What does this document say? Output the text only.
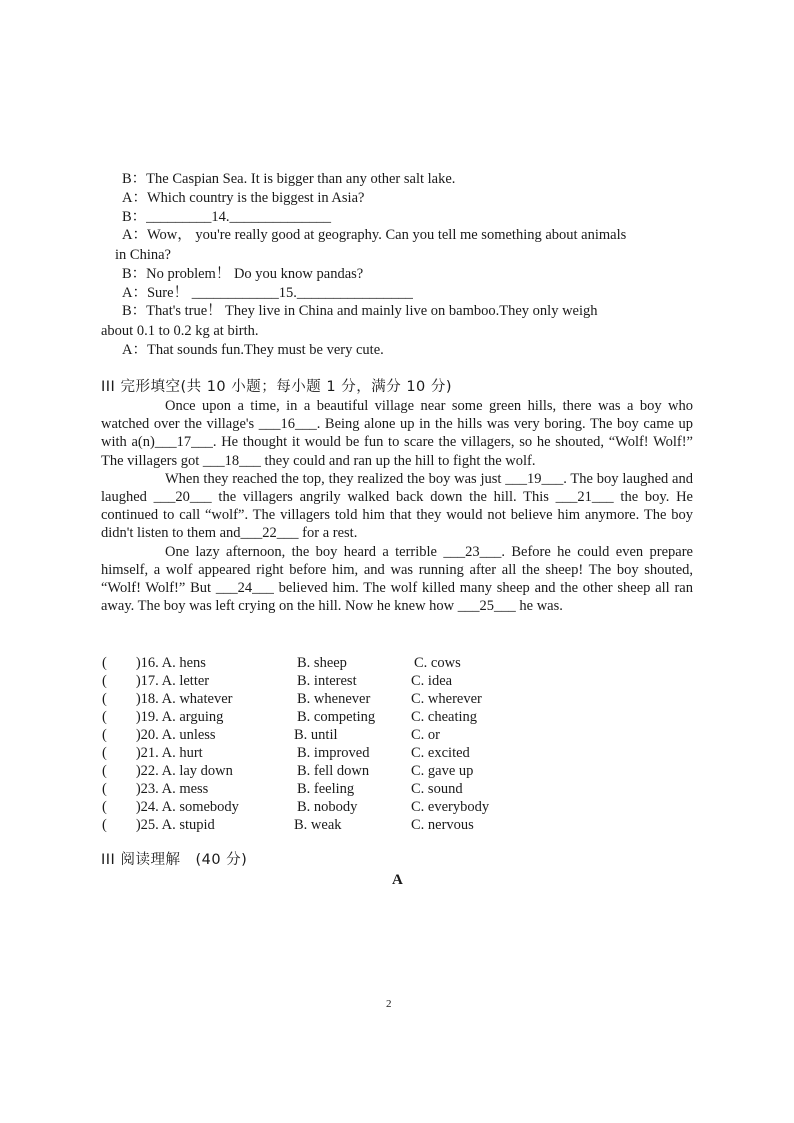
B：The Caspian Sea. It is bigger than any other salt lake.
A：Which country is the biggest in Asia?
B：_________14.______________
A：Wow， you're really good at geography. Can you tell me something about animals
in China?
B：No problem！ Do you know pandas?
A：Sure！ ____________15.________________
B：That's true！ They live in China and mainly live on bamboo.They only weigh
about 0.1 to 0.2 kg at birth.
A：That sounds fun.They must be very cute.
III 完形填空(共 10 小题；每小题 1 分，满分 10 分)

Once upon a time, in a beautiful village near some green hills, there was a boy who watched over the village's ___16___. Being alone up in the hills was very boring. The boy came up with a(n)___17___. He thought it would be fun to scare the villagers, so he shouted, “Wolf! Wolf!” The villagers got ___18___ they could and ran up the hill to fight the wolf.

When they reached the top, they realized the boy was just ___19___. The boy laughed and laughed ___20___ the villagers angrily walked back down the hill. This ___21___ the boy. He continued to call “wolf”. The villagers told him that they would not believe him anymore. The boy didn't listen to them and___22___ for a rest.

One lazy afternoon, the boy heard a terrible ___23___. Before he could even prepare himself, a wolf appeared right before him, and was running after all the sheep! The boy shouted, “Wolf! Wolf!” But ___24___ believed him. The wolf killed many sheep and the other sheep all ran away. The boy was left crying on the hill. Now he knew how ___25___ he was.

(　　)16. A. hens	B. sheep	C. cows
(　　)17. A. letter	B. interest	C. idea
(　　)18. A. whatever	B. whenever	C. wherever
(　　)19. A. arguing	B. competing C. cheating
(　　)20. A. unless	B. until	C. or
(　　)21. A. hurt	B. improved	C. excited
(　　)22. A. lay down	B. fell down	C. gave up
(　　)23. A. mess	B. feeling	C. sound
(　　)24. A. somebody	B. nobody	C. everybody
(　　)25. A. stupid	B. weak	C. nervous
III 阅读理解　(40 分)
A
2
